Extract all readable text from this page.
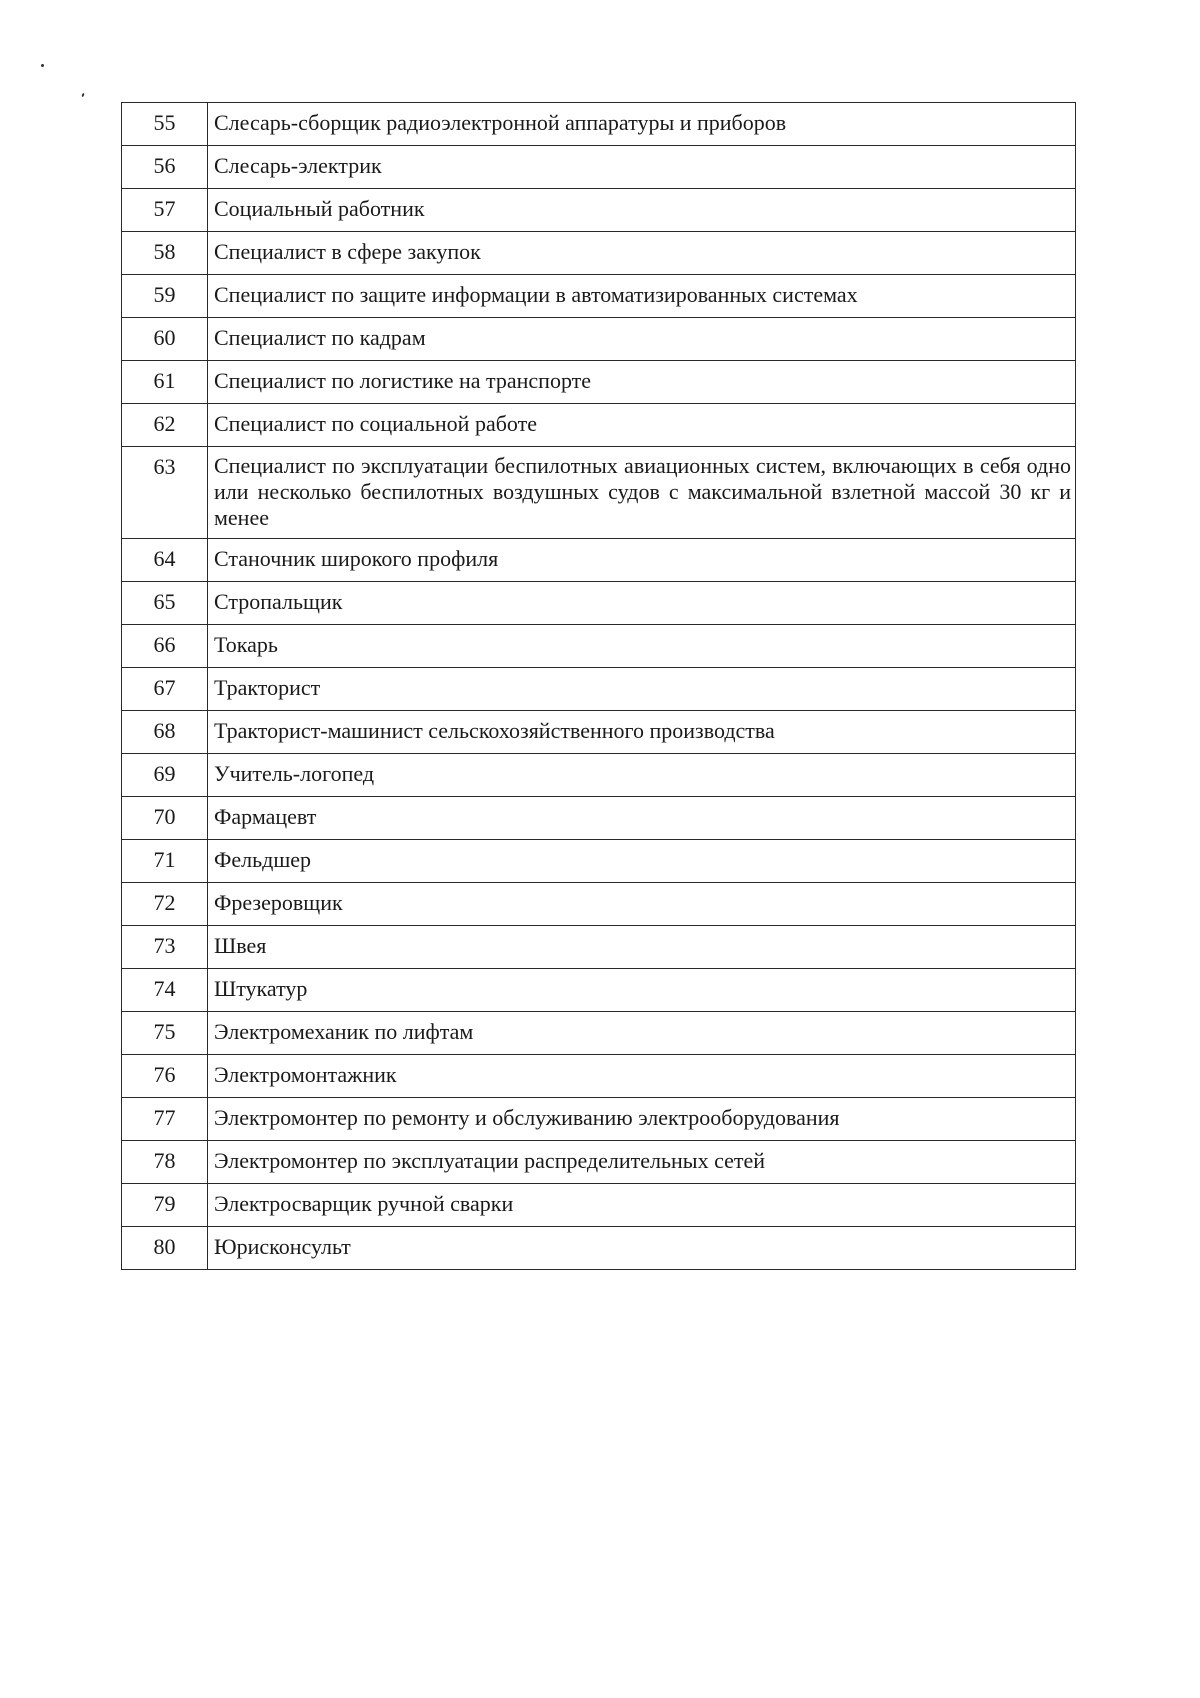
55	Слесарь-сборщик радиоэлектронной аппаратуры и приборов
56	Слесарь-электрик
57	Социальный работник
58	Специалист в сфере закупок
59	Специалист по защите информации в автоматизированных системах
60	Специалист по кадрам
61	Специалист по логистике на транспорте
62	Специалист по социальной работе
63	Специалист по эксплуатации беспилотных авиационных систем, включающих в себя одно или несколько беспилотных воздушных судов с максимальной взлетной массой 30 кг и менее
64	Станочник широкого профиля
65	Стропальщик
66	Токарь
67	Тракторист
68	Тракторист-машинист сельскохозяйственного производства
69	Учитель-логопед
70	Фармацевт
71	Фельдшер
72	Фрезеровщик
73	Швея
74	Штукатур
75	Электромеханик по лифтам
76	Электромонтажник
77	Электромонтер по ремонту и обслуживанию электрооборудования
78	Электромонтер по эксплуатации распределительных сетей
79	Электросварщик ручной сварки
80	Юрисконсульт
